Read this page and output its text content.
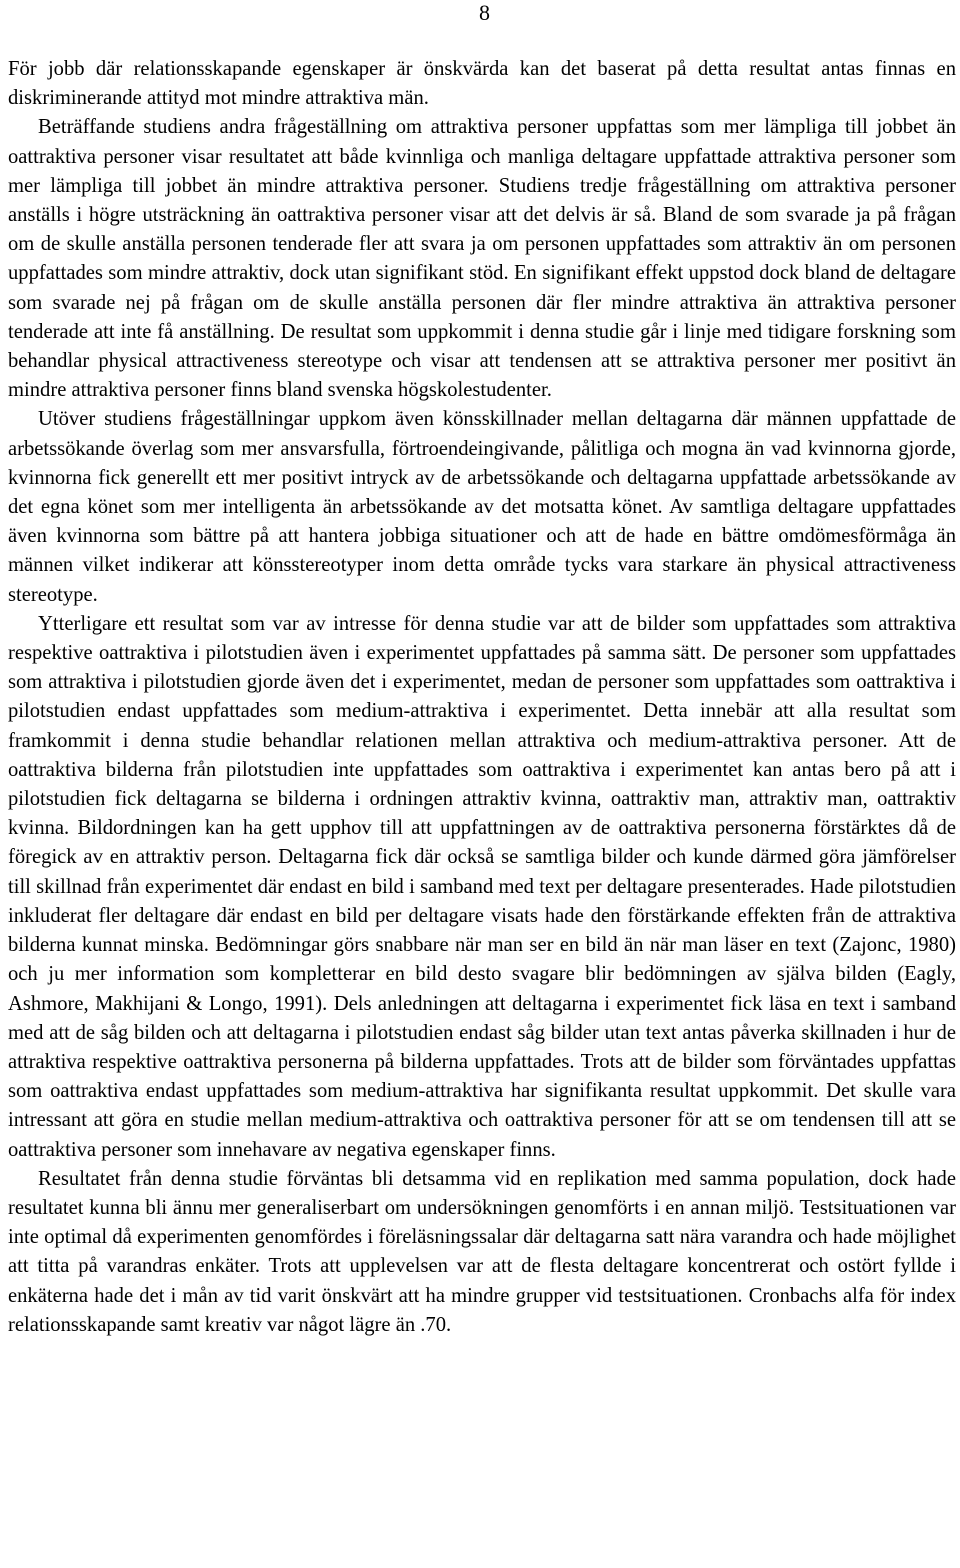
8

För jobb där relationsskapande egenskaper är önskvärda kan det baserat på detta resultat antas finnas en diskriminerande attityd mot mindre attraktiva män.

Beträffande studiens andra frågeställning om attraktiva personer uppfattas som mer lämpliga till jobbet än oattraktiva personer visar resultatet att både kvinnliga och manliga deltagare uppfattade attraktiva personer som mer lämpliga till jobbet än mindre attraktiva personer. Studiens tredje frågeställning om attraktiva personer anställs i högre utsträckning än oattraktiva personer visar att det delvis är så. Bland de som svarade ja på frågan om de skulle anställa personen tenderade fler att svara ja om personen uppfattades som attraktiv än om personen uppfattades som mindre attraktiv, dock utan signifikant stöd. En signifikant effekt uppstod dock bland de deltagare som svarade nej på frågan om de skulle anställa personen där fler mindre attraktiva än attraktiva personer tenderade att inte få anställning. De resultat som uppkommit i denna studie går i linje med tidigare forskning som behandlar physical attractiveness stereotype och visar att tendensen att se attraktiva personer mer positivt än mindre attraktiva personer finns bland svenska högskolestudenter.

Utöver studiens frågeställningar uppkom även könsskillnader mellan deltagarna där männen uppfattade de arbetssökande överlag som mer ansvarsfulla, förtroendeingivande, pålitliga och mogna än vad kvinnorna gjorde, kvinnorna fick generellt ett mer positivt intryck av de arbetssökande och deltagarna uppfattade arbetssökande av det egna könet som mer intelligenta än arbetssökande av det motsatta könet. Av samtliga deltagare uppfattades även kvinnorna som bättre på att hantera jobbiga situationer och att de hade en bättre omdömesförmåga än männen vilket indikerar att könsstereotyper inom detta område tycks vara starkare än physical attractiveness stereotype.

Ytterligare ett resultat som var av intresse för denna studie var att de bilder som uppfattades som attraktiva respektive oattraktiva i pilotstudien även i experimentet uppfattades på samma sätt. De personer som uppfattades som attraktiva i pilotstudien gjorde även det i experimentet, medan de personer som uppfattades som oattraktiva i pilotstudien endast uppfattades som medium-attraktiva i experimentet. Detta innebär att alla resultat som framkommit i denna studie behandlar relationen mellan attraktiva och medium-attraktiva personer. Att de oattraktiva bilderna från pilotstudien inte uppfattades som oattraktiva i experimentet kan antas bero på att i pilotstudien fick deltagarna se bilderna i ordningen attraktiv kvinna, oattraktiv man, attraktiv man, oattraktiv kvinna. Bildordningen kan ha gett upphov till att uppfattningen av de oattraktiva personerna förstärktes då de föregick av en attraktiv person. Deltagarna fick där också se samtliga bilder och kunde därmed göra jämförelser till skillnad från experimentet där endast en bild i samband med text per deltagare presenterades. Hade pilotstudien inkluderat fler deltagare där endast en bild per deltagare visats hade den förstärkande effekten från de attraktiva bilderna kunnat minska. Bedömningar görs snabbare när man ser en bild än när man läser en text (Zajonc, 1980) och ju mer information som kompletterar en bild desto svagare blir bedömningen av själva bilden (Eagly, Ashmore, Makhijani & Longo, 1991). Dels anledningen att deltagarna i experimentet fick läsa en text i samband med att de såg bilden och att deltagarna i pilotstudien endast såg bilder utan text antas påverka skillnaden i hur de attraktiva respektive oattraktiva personerna på bilderna uppfattades. Trots att de bilder som förväntades uppfattas som oattraktiva endast uppfattades som medium-attraktiva har signifikanta resultat uppkommit. Det skulle vara intressant att göra en studie mellan medium-attraktiva och oattraktiva personer för att se om tendensen till att se oattraktiva personer som innehavare av negativa egenskaper finns.

Resultatet från denna studie förväntas bli detsamma vid en replikation med samma population, dock hade resultatet kunna bli ännu mer generaliserbart om undersökningen genomförts i en annan miljö. Testsituationen var inte optimal då experimenten genomfördes i föreläsningssalar där deltagarna satt nära varandra och hade möjlighet att titta på varandras enkäter. Trots att upplevelsen var att de flesta deltagare koncentrerat och ostört fyllde i enkäterna hade det i mån av tid varit önskvärt att ha mindre grupper vid testsituationen. Cronbachs alfa för index relationsskapande samt kreativ var något lägre än .70.
